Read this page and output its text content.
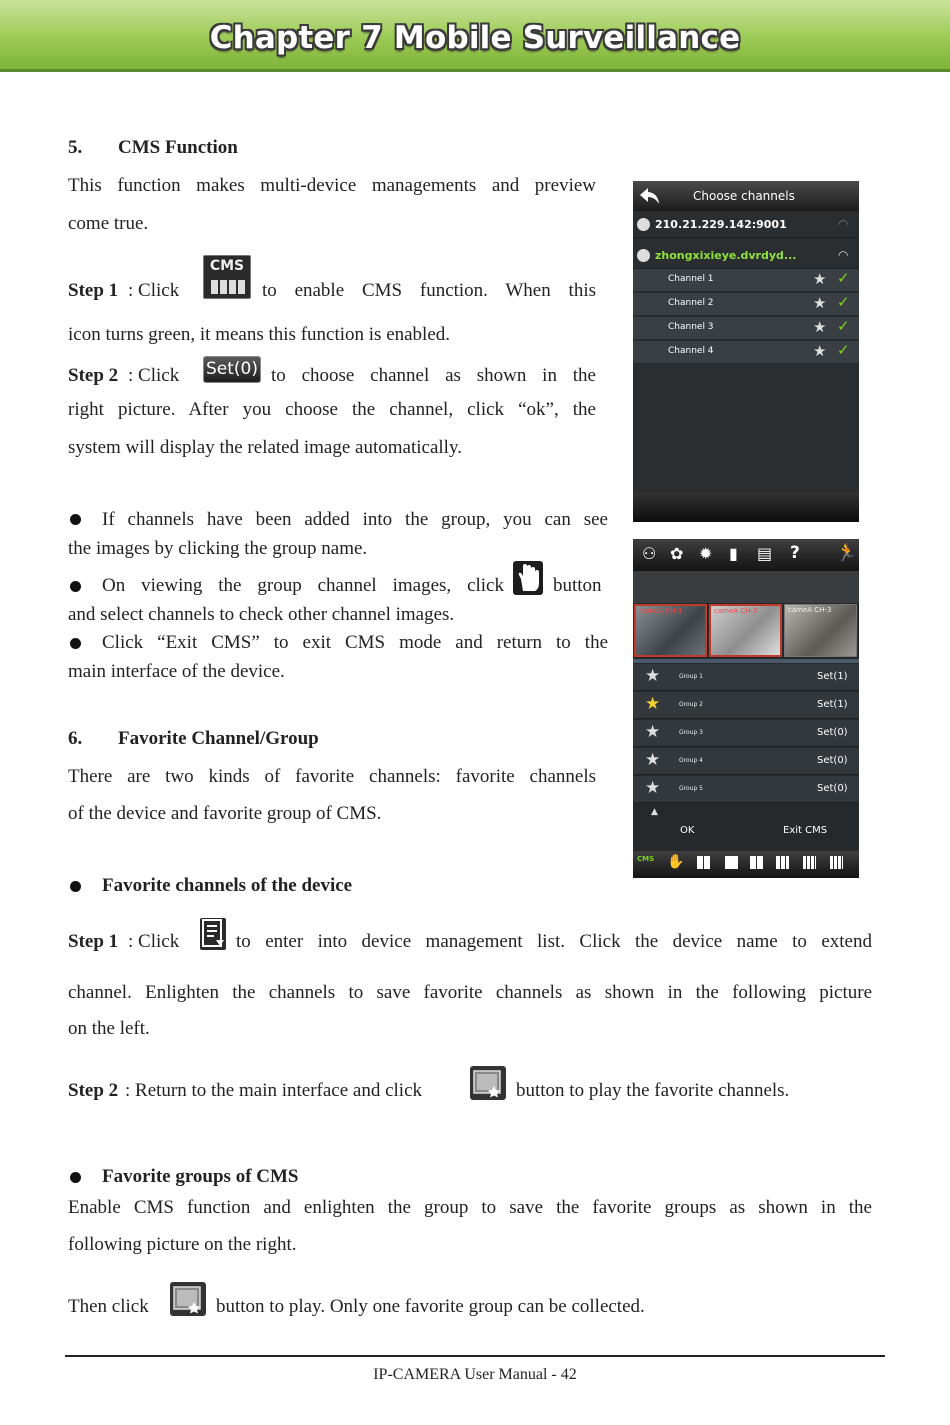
Chapter 7 Mobile Surveillance
5. CMS Function
This function makes multi-device managements and preview
come true.
Step 1 : Click
CMS
to enable CMS function. When this
icon turns green, it means this function is enabled.
Step 2 : Click Set(0) to choose channel as shown in the
right picture. After you choose the channel, click “ok”, the
system will display the related image automatically.
If channels have been added into the group, you can see
the images by clicking the group name.
On viewing the group channel images, click	button
and select channels to check other channel images.
Click “Exit CMS” to exit CMS mode and return to the
main interface of the device.
6. Favorite Channel/Group
There are two kinds of favorite channels: favorite channels
of the device and favorite group of CMS.
Favorite channels of the device
Step 1 : Click	to enter into device management list. Click the device name to extend
channel. Enlighten the channels to save favorite channels as shown in the following picture
on the left.
Step 2 : Return to the main interface and click	button to play the favorite channels.
Favorite groups of CMS
Enable CMS function and enlighten the group to save the favorite groups as shown in the
following picture on the right.
Then click	button to play. Only one favorite group can be collected.
Choose channels
210.21.229.142:9001	◠
zhongxixieye.dvrdyd...	◠
Channel 1	★ ✓
Channel 2	★ ✓
Channel 3	★ ✓
Channel 4	★ ✓
⚇ ✿ ✹ ▮ ▤ ? 🏃
cameA CH-1	cameA CH-2	cameA CH-3
★	Group 1	Set(1)
★	Group 2	Set(1)
★	Group 3	Set(0)
★	Group 4	Set(0)
★	Group 5	Set(0)
▲
OK	Exit CMS
CMS ✋
IP-CAMERA User Manual - 42
